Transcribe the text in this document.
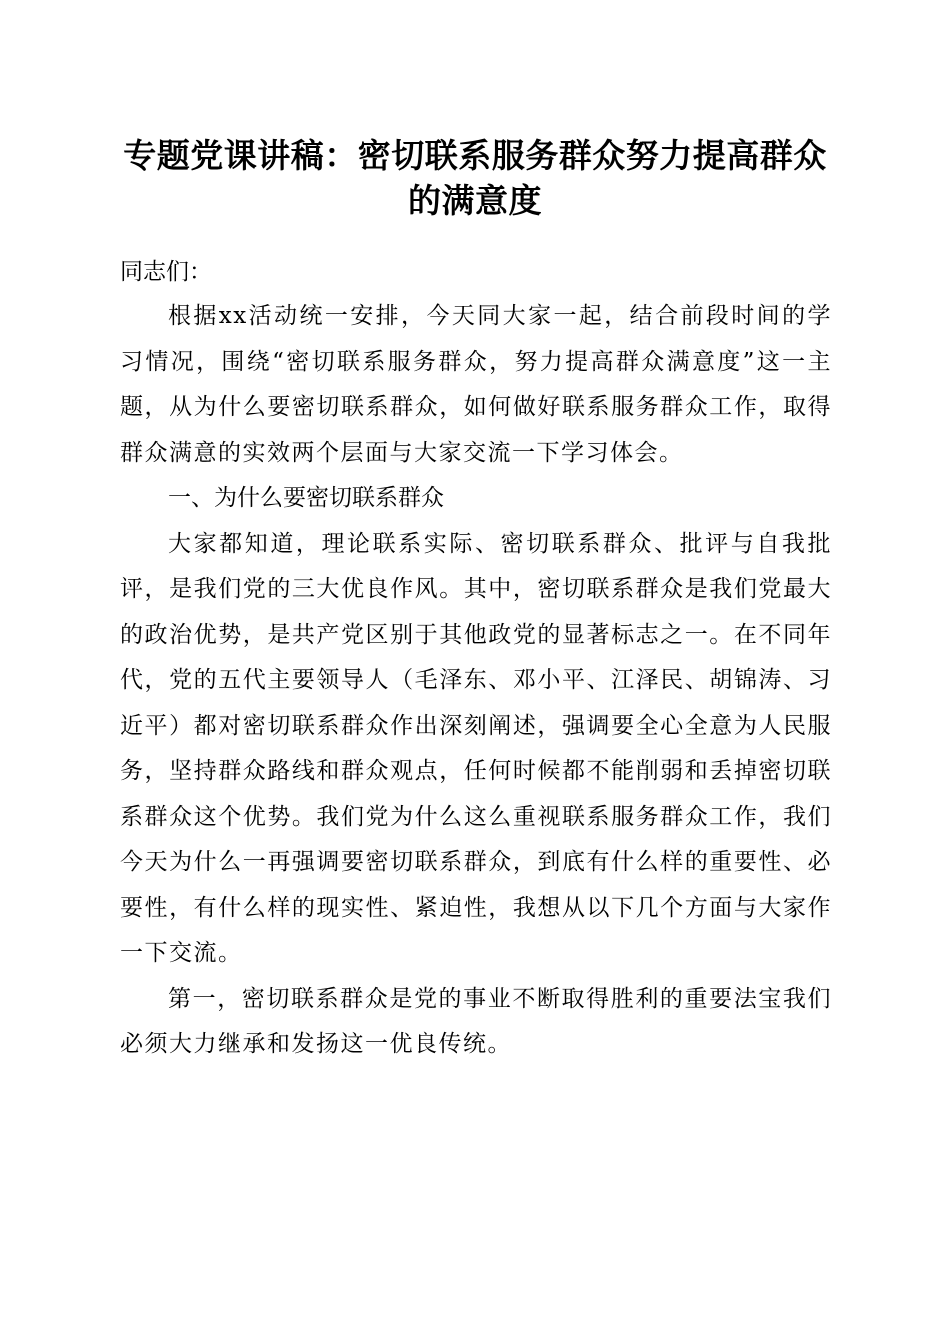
专题党课讲稿：密切联系服务群众努力提高群众的满意度

同志们：

根据xx活动统一安排，今天同大家一起，结合前段时间的学习情况，围绕“密切联系服务群众，努力提高群众满意度”这一主题，从为什么要密切联系群众，如何做好联系服务群众工作，取得群众满意的实效两个层面与大家交流一下学习体会。

一、为什么要密切联系群众

大家都知道，理论联系实际、密切联系群众、批评与自我批评，是我们党的三大优良作风。其中，密切联系群众是我们党最大的政治优势，是共产党区别于其他政党的显著标志之一。在不同年代，党的五代主要领导人（毛泽东、邓小平、江泽民、胡锦涛、习近平）都对密切联系群众作出深刻阐述，强调要全心全意为人民服务，坚持群众路线和群众观点，任何时候都不能削弱和丢掉密切联系群众这个优势。我们党为什么这么重视联系服务群众工作，我们今天为什么一再强调要密切联系群众，到底有什么样的重要性、必要性，有什么样的现实性、紧迫性，我想从以下几个方面与大家作一下交流。

第一，密切联系群众是党的事业不断取得胜利的重要法宝我们必须大力继承和发扬这一优良传统。
